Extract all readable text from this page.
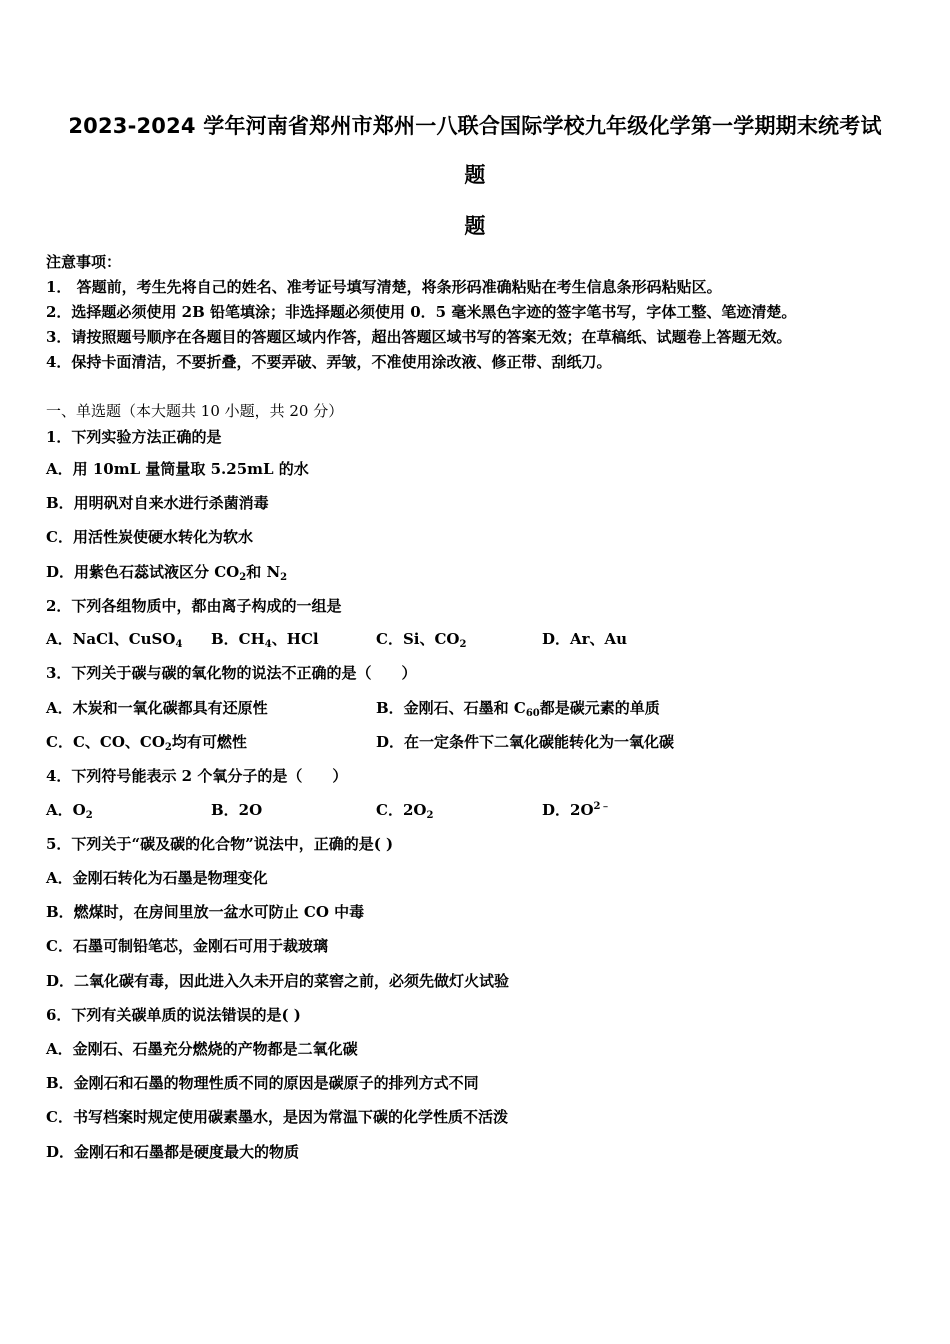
2023-2024 学年河南省郑州市郑州一八联合国际学校九年级化学第一学期期末统考试
题
题
注意事项：
1． 答题前，考生先将自己的姓名、准考证号填写清楚，将条形码准确粘贴在考生信息条形码粘贴区。
2．选择题必须使用 2B 铅笔填涂；非选择题必须使用 0．5 毫米黑色字迹的签字笔书写，字体工整、笔迹清楚。
3．请按照题号顺序在各题目的答题区域内作答，超出答题区域书写的答案无效；在草稿纸、试题卷上答题无效。
4．保持卡面清洁，不要折叠，不要弄破、弄皱，不准使用涂改液、修正带、刮纸刀。
一、单选题（本大题共 10 小题，共 20 分）
1．下列实验方法正确的是
A．用 10mL 量筒量取 5.25mL 的水
B．用明矾对自来水进行杀菌消毒
C．用活性炭使硬水转化为软水
D．用紫色石蕊试液区分 $CO_2$和 $N_2$
2．下列各组物质中，都由离子构成的一组是
A．NaCl、CuSO$_4$ B．$CH_4$、HCl	C．Si、$CO_2$	D．Ar、Au
3．下列关于碳与碳的氧化物的说法不正确的是（　　）
A．木炭和一氧化碳都具有还原性	B．金刚石、石墨和 $C_{60}$都是碳元素的单质
C．C、CO、$CO_2$均有可燃性	D．在一定条件下二氧化碳能转化为一氧化碳
4．下列符号能表示 2 个氧分子的是（　　）
A．$O_2$	B．2O	C．$2O_2$	D．$2O^{2﹣}$
5．下列关于“碳及碳的化合物”说法中，正确的是( )
A．金刚石转化为石墨是物理变化
B．燃煤时，在房间里放一盆水可防止 CO 中毒
C．石墨可制铅笔芯，金刚石可用于裁玻璃
D．二氧化碳有毒，因此进入久未开启的菜窖之前，必须先做灯火试验
6．下列有关碳单质的说法错误的是( )
A．金刚石、石墨充分燃烧的产物都是二氧化碳
B．金刚石和石墨的物理性质不同的原因是碳原子的排列方式不同
C．书写档案时规定使用碳素墨水，是因为常温下碳的化学性质不活泼
D．金刚石和石墨都是硬度最大的物质
